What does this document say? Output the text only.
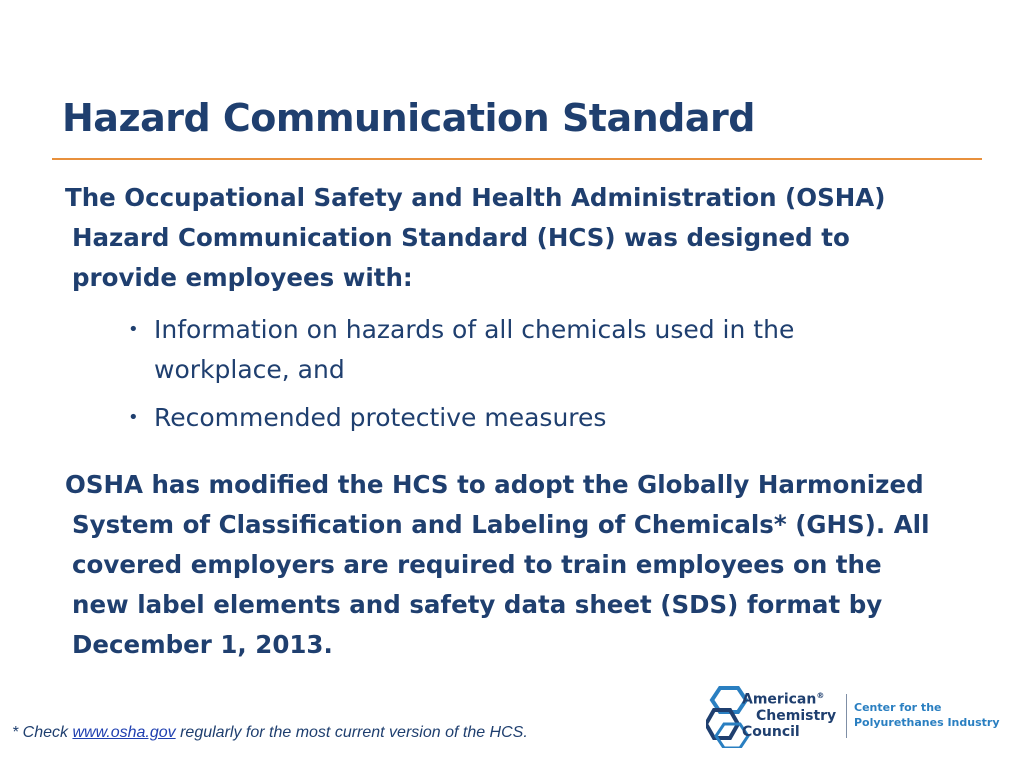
Hazard Communication Standard
The Occupational Safety and Health Administration (OSHA) Hazard Communication Standard (HCS) was designed to provide employees with:
• Information on hazards of all chemicals used in the workplace, and
• Recommended protective measures
OSHA has modified the HCS to adopt the Globally Harmonized System of Classification and Labeling of Chemicals* (GHS). All covered employers are required to train employees on the new label elements and safety data sheet (SDS) format by December 1, 2013.
* Check www.osha.gov regularly for the most current version of the HCS.
American®
Chemistry
Council
Center for the
Polyurethanes Industry
